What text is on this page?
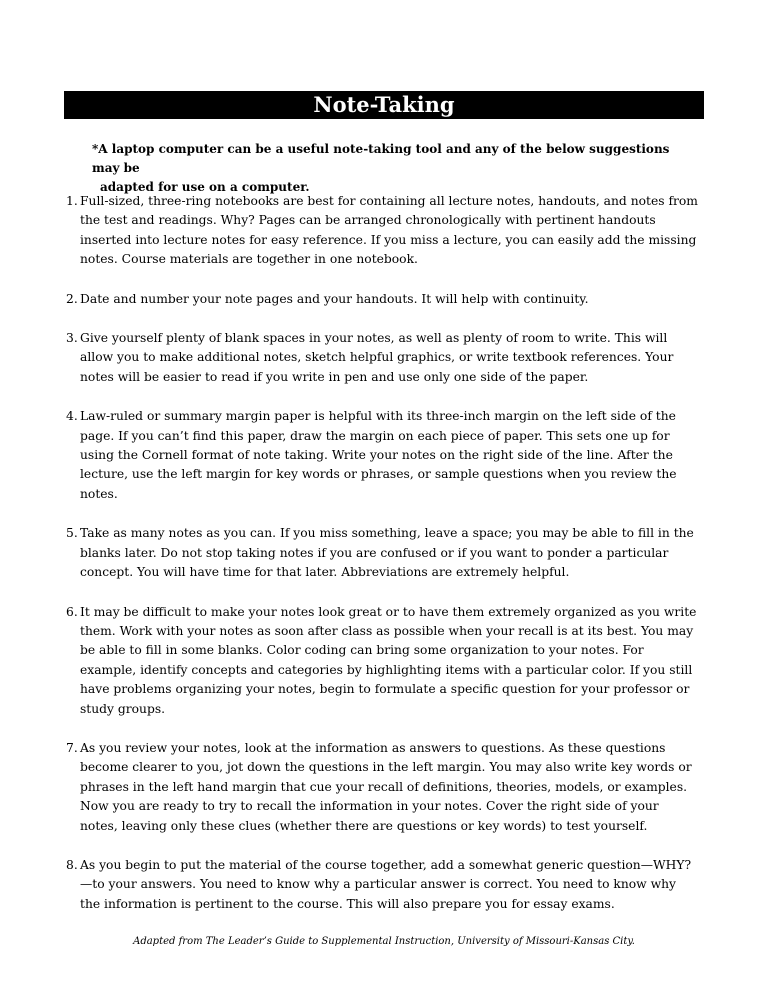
Note-Taking
*A laptop computer can be a useful note-taking tool and any of the below suggestions may be
adapted for use on a computer.
1. Full-sized, three-ring notebooks are best for containing all lecture notes, handouts, and notes from the test and readings. Why? Pages can be arranged chronologically with pertinent handouts inserted into lecture notes for easy reference. If you miss a lecture, you can easily add the missing notes. Course materials are together in one notebook.
2. Date and number your note pages and your handouts. It will help with continuity.
3. Give yourself plenty of blank spaces in your notes, as well as plenty of room to write. This will allow you to make additional notes, sketch helpful graphics, or write textbook references. Your notes will be easier to read if you write in pen and use only one side of the paper.
4. Law-ruled or summary margin paper is helpful with its three-inch margin on the left side of the page. If you can’t find this paper, draw the margin on each piece of paper. This sets one up for using the Cornell format of note taking. Write your notes on the right side of the line. After the lecture, use the left margin for key words or phrases, or sample questions when you review the notes.
5. Take as many notes as you can. If you miss something, leave a space; you may be able to fill in the blanks later. Do not stop taking notes if you are confused or if you want to ponder a particular concept. You will have time for that later. Abbreviations are extremely helpful.
6. It may be difficult to make your notes look great or to have them extremely organized as you write them. Work with your notes as soon after class as possible when your recall is at its best. You may be able to fill in some blanks. Color coding can bring some organization to your notes. For example, identify concepts and categories by highlighting items with a particular color. If you still have problems organizing your notes, begin to formulate a specific question for your professor or study groups.
7. As you review your notes, look at the information as answers to questions. As these questions become clearer to you, jot down the questions in the left margin. You may also write key words or phrases in the left hand margin that cue your recall of definitions, theories, models, or examples. Now you are ready to try to recall the information in your notes. Cover the right side of your notes, leaving only these clues (whether there are questions or key words) to test yourself.
8. As you begin to put the material of the course together, add a somewhat generic question—WHY?—to your answers. You need to know why a particular answer is correct. You need to know why the information is pertinent to the course. This will also prepare you for essay exams.
Adapted from The Leader’s Guide to Supplemental Instruction, University of Missouri-Kansas City.
